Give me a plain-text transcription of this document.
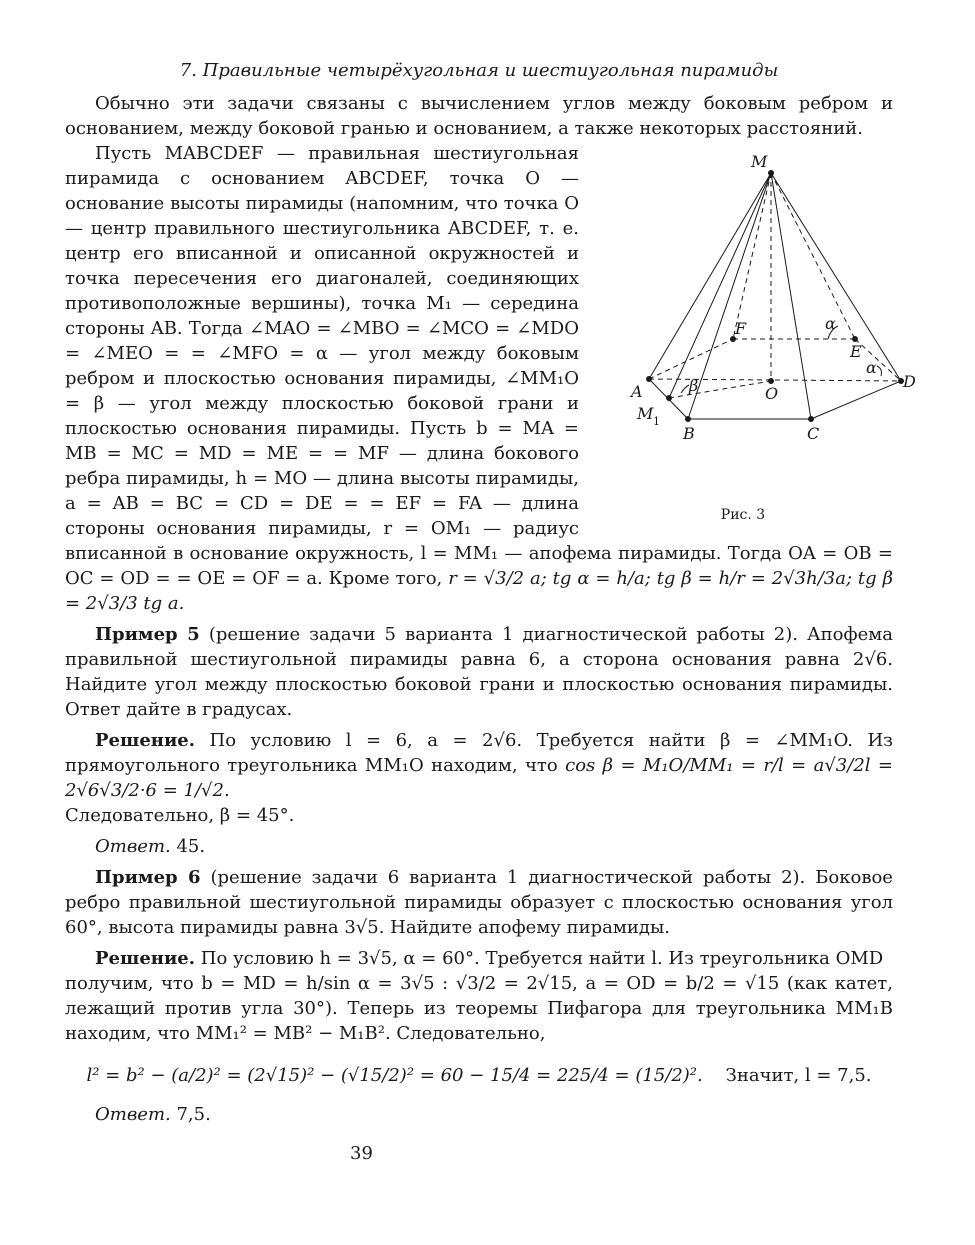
7. Правильные четырёхугольная и шестиугольная пирамиды

Обычно эти задачи связаны с вычислением углов между боковым ребром и основанием, между боковой гранью и основанием, а также некоторых расстояний.

M
F	α
E
α
D
A	β	O
M 1
B	C
Рис. 3

Пусть MABCDEF — правильная шестиугольная пирамида с основанием ABCDEF, точка O — основание высоты пирамиды (напомним, что точка O — центр правильного шестиугольника ABCDEF, т. е. центр его вписанной и описанной окружностей и точка пересечения его диагоналей, соединяющих противоположные вершины), точка M₁ — середина стороны AB. Тогда ∠MAO = ∠MBO = ∠MCO = ∠MDO = ∠MEO = = ∠MFO = α — угол между боковым ребром и плоскостью основания пирамиды, ∠MM₁O = β — угол между плоскостью боковой грани и плоскостью основания пирамиды. Пусть b = MA = MB = MC = MD = ME = = MF — длина бокового ребра пирамиды, h = MO — длина высоты пирамиды, a = AB = BC = CD = DE = = EF = FA — длина стороны основания пирамиды, r = OM₁ — радиус вписанной в основание окружность, l = MM₁ — апофема пирамиды. Тогда OA = OB = OC = OD = = OE = OF = a. Кроме того, r = √3/2 a; tg α = h/a; tg β = h/r = 2√3h/3a; tg β = 2√3/3 tg a.

Пример 5 (решение задачи 5 варианта 1 диагностической работы 2). Апофема правильной шестиугольной пирамиды равна 6, а сторона основания равна 2√6. Найдите угол между плоскостью боковой грани и плоскостью основания пирамиды. Ответ дайте в градусах.

Решение. По условию l = 6, a = 2√6. Требуется найти β = ∠MM₁O. Из прямоугольного треугольника MM₁O находим, что cos β = M₁O/MM₁ = r/l = a√3/2l = 2√6√3/2·6 = 1/√2.

Следовательно, β = 45°.

Ответ. 45.

Пример 6 (решение задачи 6 варианта 1 диагностической работы 2). Боковое ребро правильной шестиугольной пирамиды образует с плоскостью основания угол 60°, высота пирамиды равна 3√5. Найдите апофему пирамиды.

Решение. По условию h = 3√5, α = 60°. Требуется найти l. Из треугольника OMD

получим, что b = MD = h/sin α = 3√5 : √3/2 = 2√15, a = OD = b/2 = √15 (как катет, лежащий против угла 30°). Теперь из теоремы Пифагора для треугольника MM₁B находим, что MM₁² = MB² − M₁B². Следовательно,

l² = b² − (a/2)² = (2√15)² − (√15/2)² = 60 − 15/4 = 225/4 = (15/2)². Значит, l = 7,5.

Ответ. 7,5.

39
